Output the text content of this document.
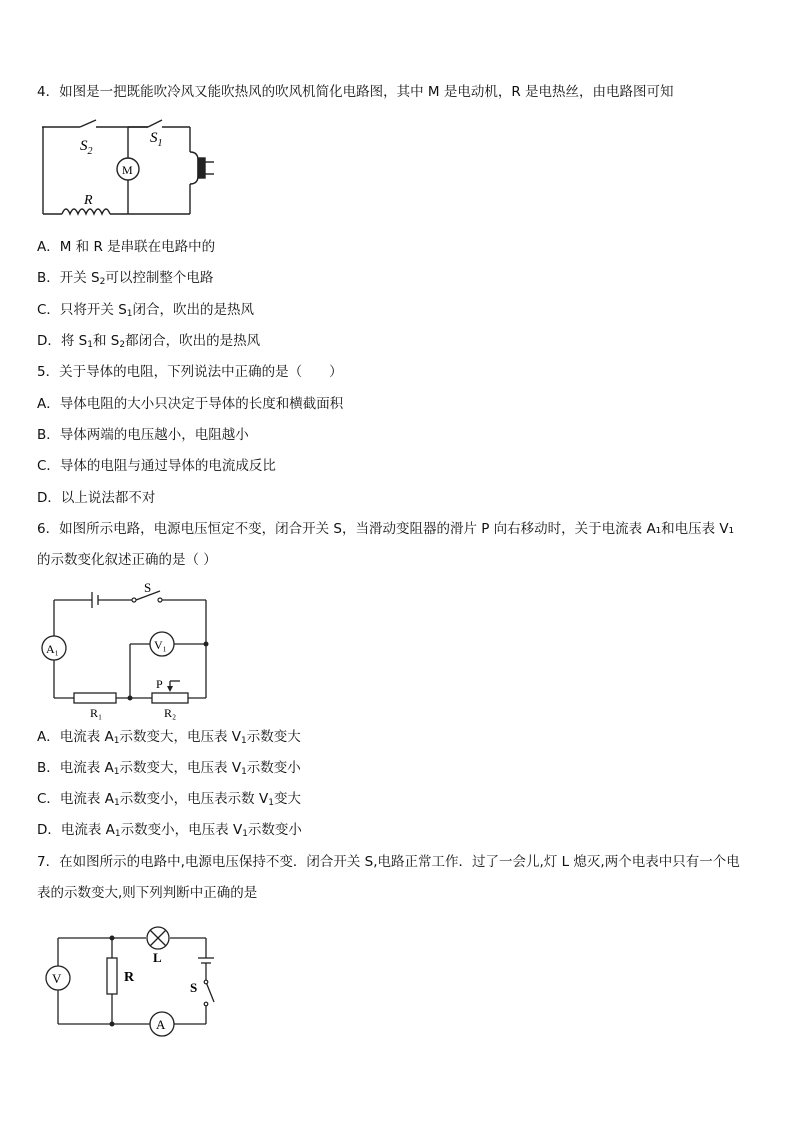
4．如图是一把既能吹冷风又能吹热风的吹风机简化电路图，其中 M 是电动机，R 是电热丝，由电路图可知
$S_2$
$S_1$
M
R
A．M 和 R 是串联在电路中的
B．开关 $S_2$可以控制整个电路
C．只将开关 $S_1$闭合，吹出的是热风
D．将 $S_1$和 $S_2$都闭合，吹出的是热风
5．关于导体的电阻，下列说法中正确的是（　　）
A．导体电阻的大小只决定于导体的长度和横截面积
B．导体两端的电压越小，电阻越小
C．导体的电阻与通过导体的电流成反比
D．以上说法都不对
6．如图所示电路，电源电压恒定不变，闭合开关 S，当滑动变阻器的滑片 P 向右移动时，关于电流表 A₁和电压表 V₁
的示数变化叙述正确的是（ ）
A₁	V₁
S
P
R₁	R₂
A．电流表 $A_1$示数变大，电压表 $V_1$示数变大
B．电流表 $A_1$示数变大，电压表 $V_1$示数变小
C．电流表 $A_1$示数变小，电压表示数 $V_1$变大
D．电流表 $A_1$示数变小，电压表 $V_1$示数变小
7．在如图所示的电路中,电源电压保持不变．闭合开关 S,电路正常工作．过了一会儿,灯 L 熄灭,两个电表中只有一个电
表的示数变大,则下列判断中正确的是
V	R
L
S
A
